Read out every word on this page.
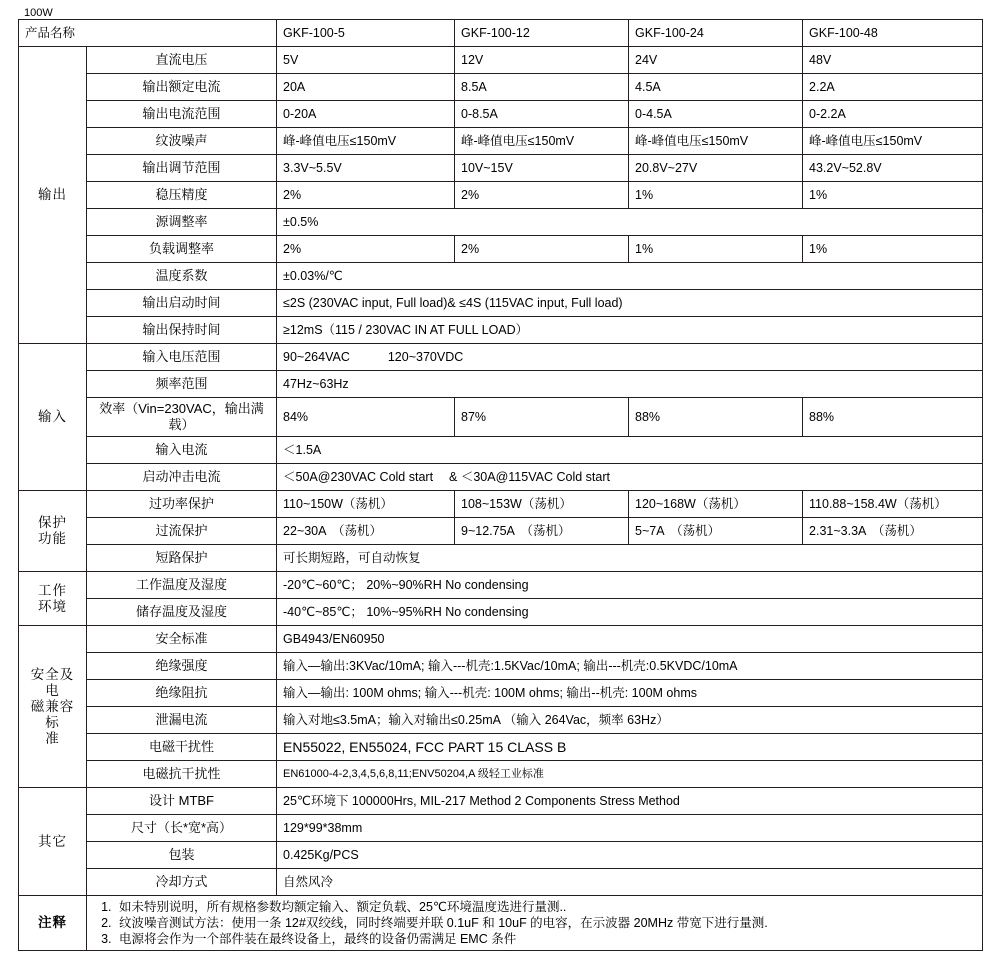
100W
产品名称		GKF-100-5	GKF-100-12	GKF-100-24	GKF-100-48
输出	直流电压	5V	12V	24V	48V
	输出额定电流	20A	8.5A	4.5A	2.2A
	输出电流范围	0-20A	0-8.5A	0-4.5A	0-2.2A
	纹波噪声	峰-峰值电压≤150mV	峰-峰值电压≤150mV	峰-峰值电压≤150mV	峰-峰值电压≤150mV
	输出调节范围	3.3V~5.5V	10V~15V	20.8V~27V	43.2V~52.8V
	稳压精度	2%	2%	1%	1%
	源调整率	±0.5%			
	负载调整率	2%	2%	1%	1%
	温度系数	±0.03%/℃			
	输出启动时间	≤2S (230VAC input, Full load)& ≤4S (115VAC input, Full load)			
	输出保持时间	≥12mS（115 / 230VAC IN AT FULL LOAD）			
输入	输入电压范围	90~264VAC 120~370VDC			
	频率范围	47Hz~63Hz			
	效率（Vin=230VAC，输出满载）	84%	87%	88%	88%
	输入电流	＜1.5A			
	启动冲击电流	＜50A@230VAC Cold start & ＜30A@115VAC Cold start			

保护
功能	过功率保护	110~150W（荡机）	108~153W（荡机）	120~168W（荡机）	110.88~158.4W（荡机）
	过流保护	22~30A　（荡机）	9~12.75A　（荡机）	5~7A　（荡机）	2.31~3.3A　（荡机）
	短路保护	可长期短路，可自动恢复			

工作
环境	工作温度及湿度	-20℃~60℃； 20%~90%RH No condensing			
	储存温度及湿度	-40℃~85℃； 10%~95%RH No condensing			

安全及电
磁兼容标
准	安全标准	GB4943/EN60950			
	绝缘强度	输入—输出:3KVac/10mA; 输入---机壳:1.5KVac/10mA; 输出---机壳:0.5KVDC/10mA			
	绝缘阻抗	输入—输出: 100M ohms; 输入---机壳: 100M ohms; 输出--机壳: 100M ohms			
	泄漏电流	输入对地≤3.5mA；输入对输出≤0.25mA （输入 264Vac，频率 63Hz）			
	电磁干扰性	EN55022, EN55024, FCC PART 15 CLASS B			
	电磁抗干扰性	EN61000-4-2,3,4,5,6,8,11;ENV50204,A 级轻工业标准			
其它	设计 MTBF	25℃环境下 100000Hrs, MIL-217 Method 2 Components Stress Method			
	尺寸（长*宽*高）	129*99*38mm			
	包装	0.425Kg/PCS			
	冷却方式	自然风冷			
注释	
1. 如未特别说明，所有规格参数均额定输入、额定负载、25℃环境温度选进行量测..
2. 纹波噪音测试方法：使用一条 12#双绞线，同时终端要并联 0.1uF 和 10uF 的电容，在示波器 20MHz 带宽下进行量测.
3. 电源将会作为一个部件装在最终设备上，最终的设备仍需满足 EMC 条件
